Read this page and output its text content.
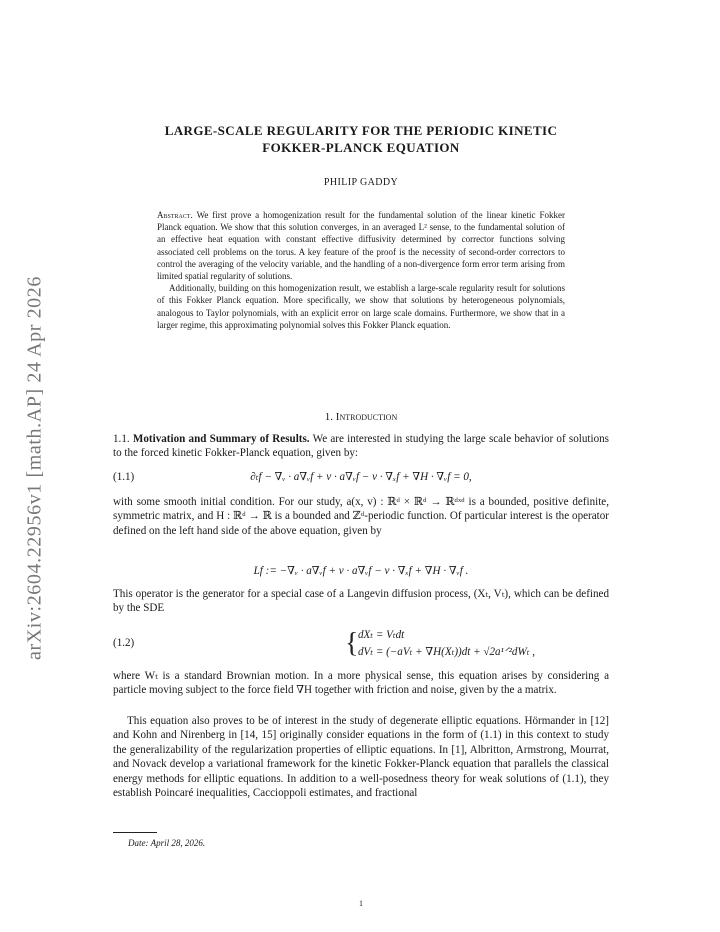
arXiv:2604.22956v1 [math.AP] 24 Apr 2026
LARGE-SCALE REGULARITY FOR THE PERIODIC KINETIC
FOKKER-PLANCK EQUATION
PHILIP GADDY

Abstract. We first prove a homogenization result for the fundamental solution of the linear kinetic Fokker Planck equation. We show that this solution converges, in an averaged L² sense, to the fundamental solution of an effective heat equation with constant effective diffusivity determined by corrector functions solving associated cell problems on the torus. A key feature of the proof is the necessity of second-order correctors to control the averaging of the velocity variable, and the handling of a non-divergence form error term arising from limited spatial regularity of solutions.

Additionally, building on this homogenization result, we establish a large-scale regularity result for solutions of this Fokker Planck equation. More specifically, we show that solutions by heterogeneous polynomials, analogous to Taylor polynomials, with an explicit error on large scale domains. Furthermore, we show that in a larger regime, this approximating polynomial solves this Fokker Planck equation.

1. Introduction

1.1. Motivation and Summary of Results. We are interested in studying the large scale behavior of solutions to the forced kinetic Fokker-Planck equation, given by:

(1.1)	∂ₜf − ∇ᵥ · a∇ᵥf + v · a∇ᵥf − v · ∇ₓf + ∇H · ∇ᵥf = 0,

with some smooth initial condition. For our study, a(x, v) : ℝᵈ × ℝᵈ → ℝᵈˣᵈ is a bounded, positive definite, symmetric matrix, and H : ℝᵈ → ℝ is a bounded and ℤᵈ-periodic function. Of particular interest is the operator defined on the left hand side of the above equation, given by

Lf := −∇ᵥ · a∇ᵥf + v · a∇ᵥf − v · ∇ₓf + ∇H · ∇ᵥf .

This operator is the generator for a special case of a Langevin diffusion process, (Xₜ, Vₜ), which can be defined by the SDE

(1.2)	{ dXₜ = Vₜdt
dVₜ = (−aVₜ + ∇H(Xₜ))dt + √2a¹ᐟ²dWₜ ,

where Wₜ is a standard Brownian motion. In a more physical sense, this equation arises by considering a particle moving subject to the force field ∇H together with friction and noise, given by the a matrix.

This equation also proves to be of interest in the study of degenerate elliptic equations. Hörmander in [12] and Kohn and Nirenberg in [14, 15] originally consider equations in the form of (1.1) in this context to study the generalizability of the regularization properties of elliptic equations. In [1], Albritton, Armstrong, Mourrat, and Novack develop a variational framework for the kinetic Fokker-Planck equation that parallels the classical energy methods for elliptic equations. In addition to a well-posedness theory for weak solutions of (1.1), they establish Poincaré inequalities, Caccioppoli estimates, and fractional

Date: April 28, 2026.
1
